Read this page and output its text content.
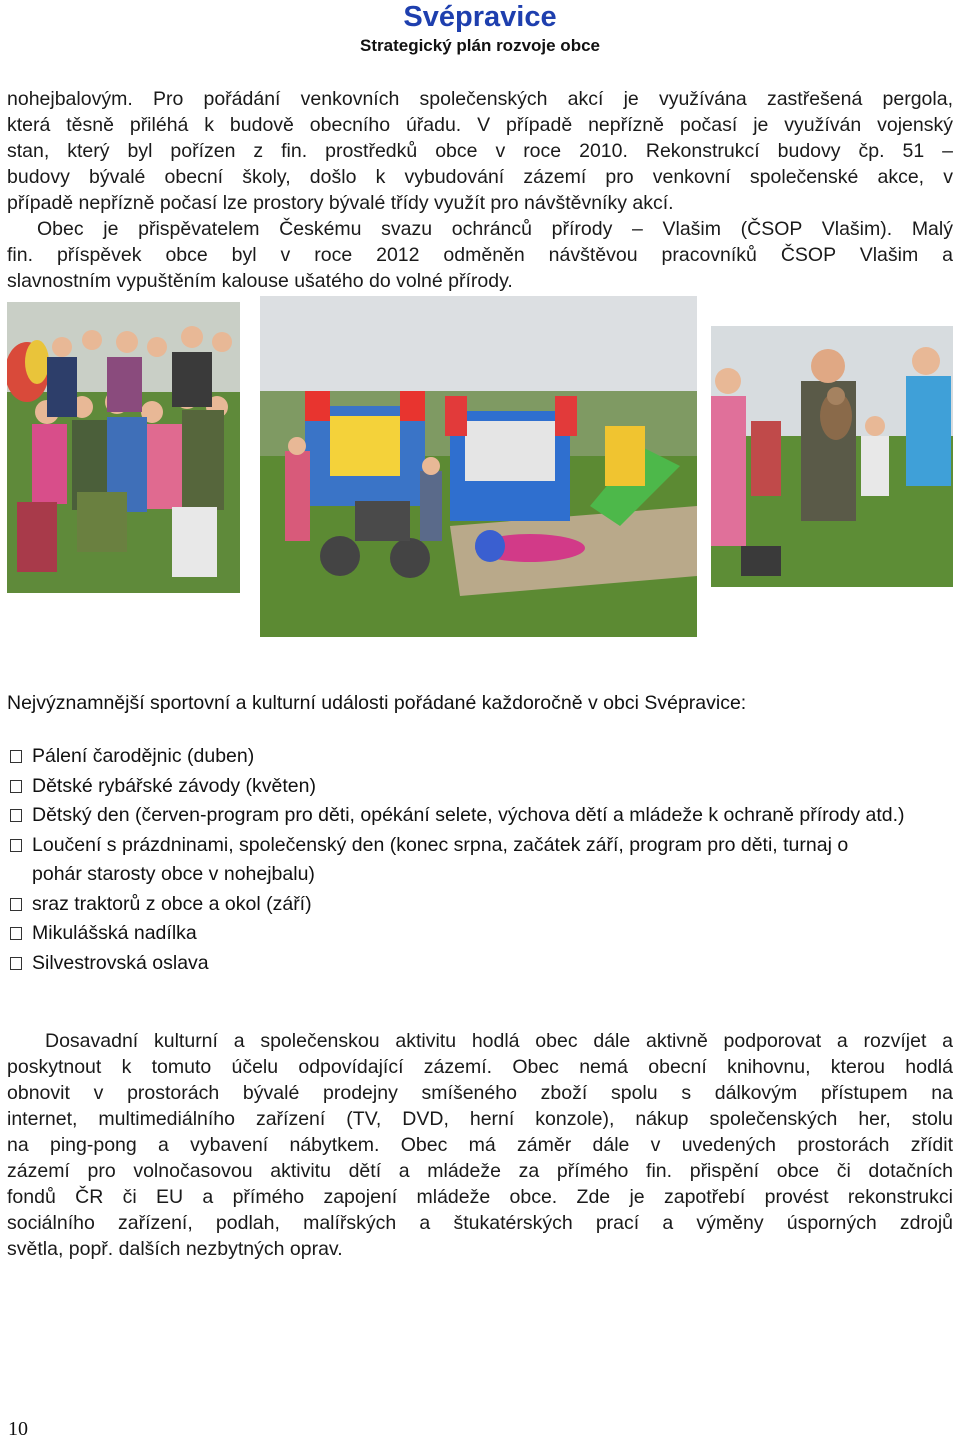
Svépravice
Strategický plán rozvoje obce
nohejbalovým. Pro pořádání venkovních společenských akcí je využívána zastřešená pergola,
která těsně přiléhá k budově obecního úřadu. V případě nepřízně počasí je využíván vojenský
stan, který byl pořízen z fin. prostředků obce v roce 2010. Rekonstrukcí budovy čp. 51 –
budovy bývalé obecní školy, došlo k vybudování zázemí pro venkovní společenské akce, v
případě nepřízně počasí lze prostory bývalé třídy využít pro návštěvníky akcí.
Obec je přispěvatelem Českému svazu ochránců přírody – Vlašim (ČSOP Vlašim). Malý
fin. příspěvek obce byl v roce 2012 odměněn návštěvou pracovníků ČSOP Vlašim a
slavnostním vypuštěním kalouse ušatého do volné přírody.
Nejvýznamnější sportovní a kulturní události pořádané každoročně v obci Svépravice:
Pálení čarodějnic (duben)
Dětské rybářské závody (květen)
Dětský den (červen-program pro děti, opékání selete, výchova dětí a mládeže k ochraně přírody atd.)
Loučení s prázdninami, společenský den (konec srpna, začátek září, program pro děti, turnaj o pohár starosty obce v nohejbalu)
sraz traktorů z obce a okol (září)
Mikulášská nadílka
Silvestrovská oslava
Dosavadní kulturní a společenskou aktivitu hodlá obec dále aktivně podporovat a rozvíjet a
poskytnout k tomuto účelu odpovídající zázemí. Obec nemá obecní knihovnu, kterou hodlá
obnovit v prostorách bývalé prodejny smíšeného zboží spolu s dálkovým přístupem na
internet, multimediálního zařízení (TV, DVD, herní konzole), nákup společenských her, stolu
na ping-pong a vybavení nábytkem. Obec má záměr dále v uvedených prostorách zřídit
zázemí pro volnočasovou aktivitu dětí a mládeže za přímého fin. přispění obce či dotačních
fondů ČR či EU a přímého zapojení mládeže obce. Zde je zapotřebí provést rekonstrukci
sociálního zařízení, podlah, malířských a štukatérských prací a výměny úsporných zdrojů
světla, popř. dalších nezbytných oprav.
10
